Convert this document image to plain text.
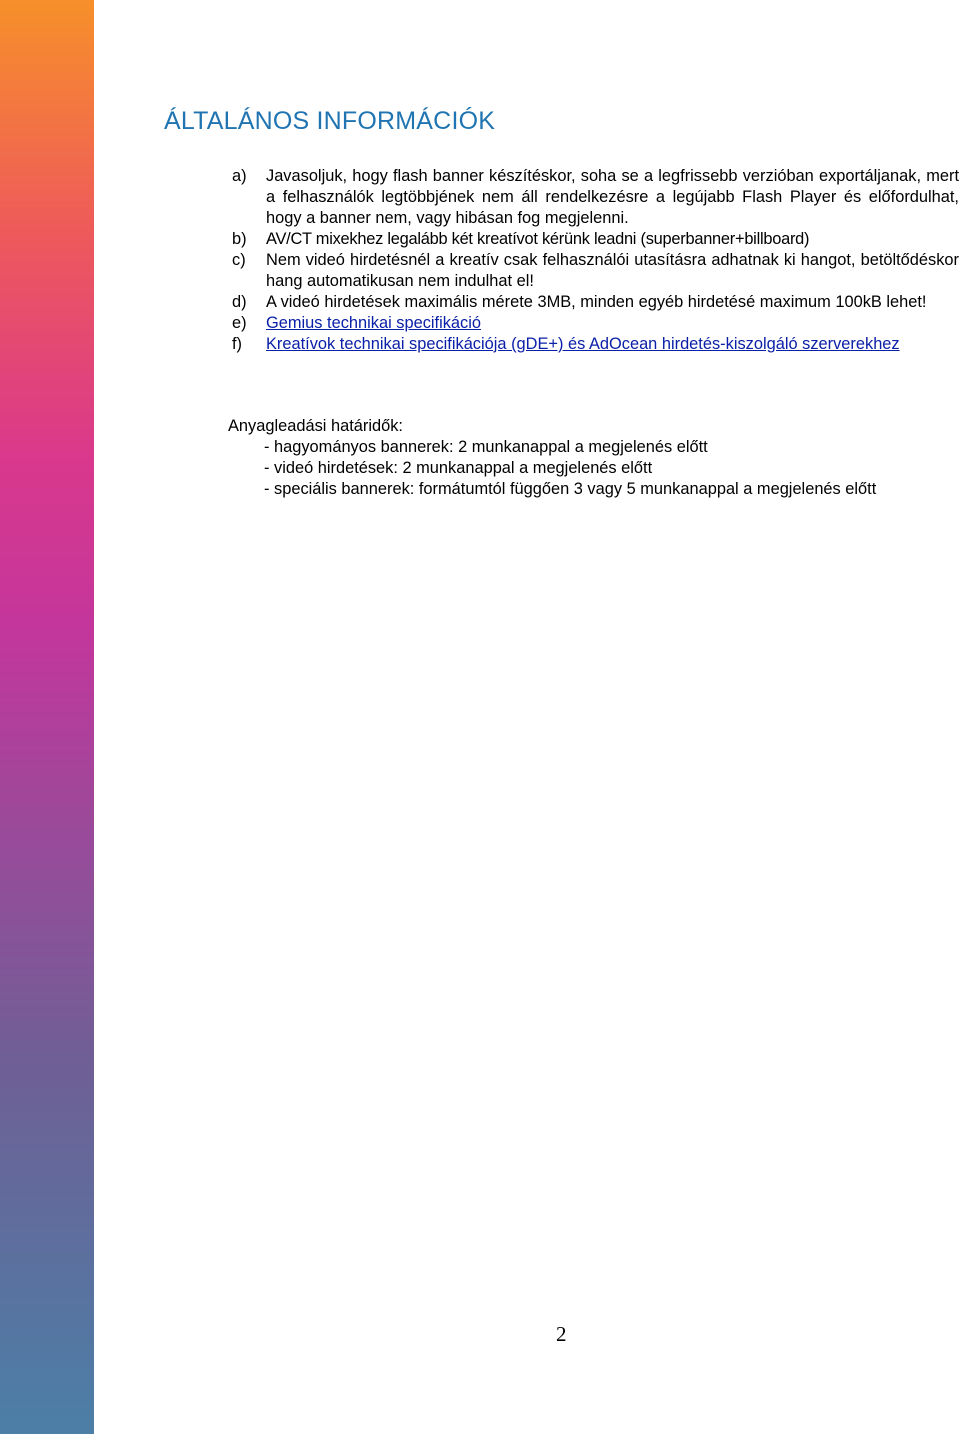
ÁLTALÁNOS INFORMÁCIÓK
a) Javasoljuk, hogy flash banner készítéskor, soha se a legfrissebb verzióban exportáljanak, mert a felhasználók legtöbbjének nem áll rendelkezésre a legújabb Flash Player és előfordulhat, hogy a banner nem, vagy hibásan fog megjelenni.
b) AV/CT mixekhez legalább két kreatívot kérünk leadni (superbanner+billboard)
c) Nem videó hirdetésnél a kreatív csak felhasználói utasításra adhatnak ki hangot, betöltődéskor hang automatikusan nem indulhat el!
d) A videó hirdetések maximális mérete 3MB, minden egyéb hirdetésé maximum 100kB lehet!
e) Gemius technikai specifikáció
f) Kreatívok technikai specifikációja (gDE+) és AdOcean hirdetés-kiszolgáló szerverekhez
Anyagleadási határidők:
- hagyományos bannerek: 2 munkanappal a megjelenés előtt
- videó hirdetések: 2 munkanappal a megjelenés előtt
- speciális bannerek: formátumtól függően 3 vagy 5 munkanappal a megjelenés előtt
2
